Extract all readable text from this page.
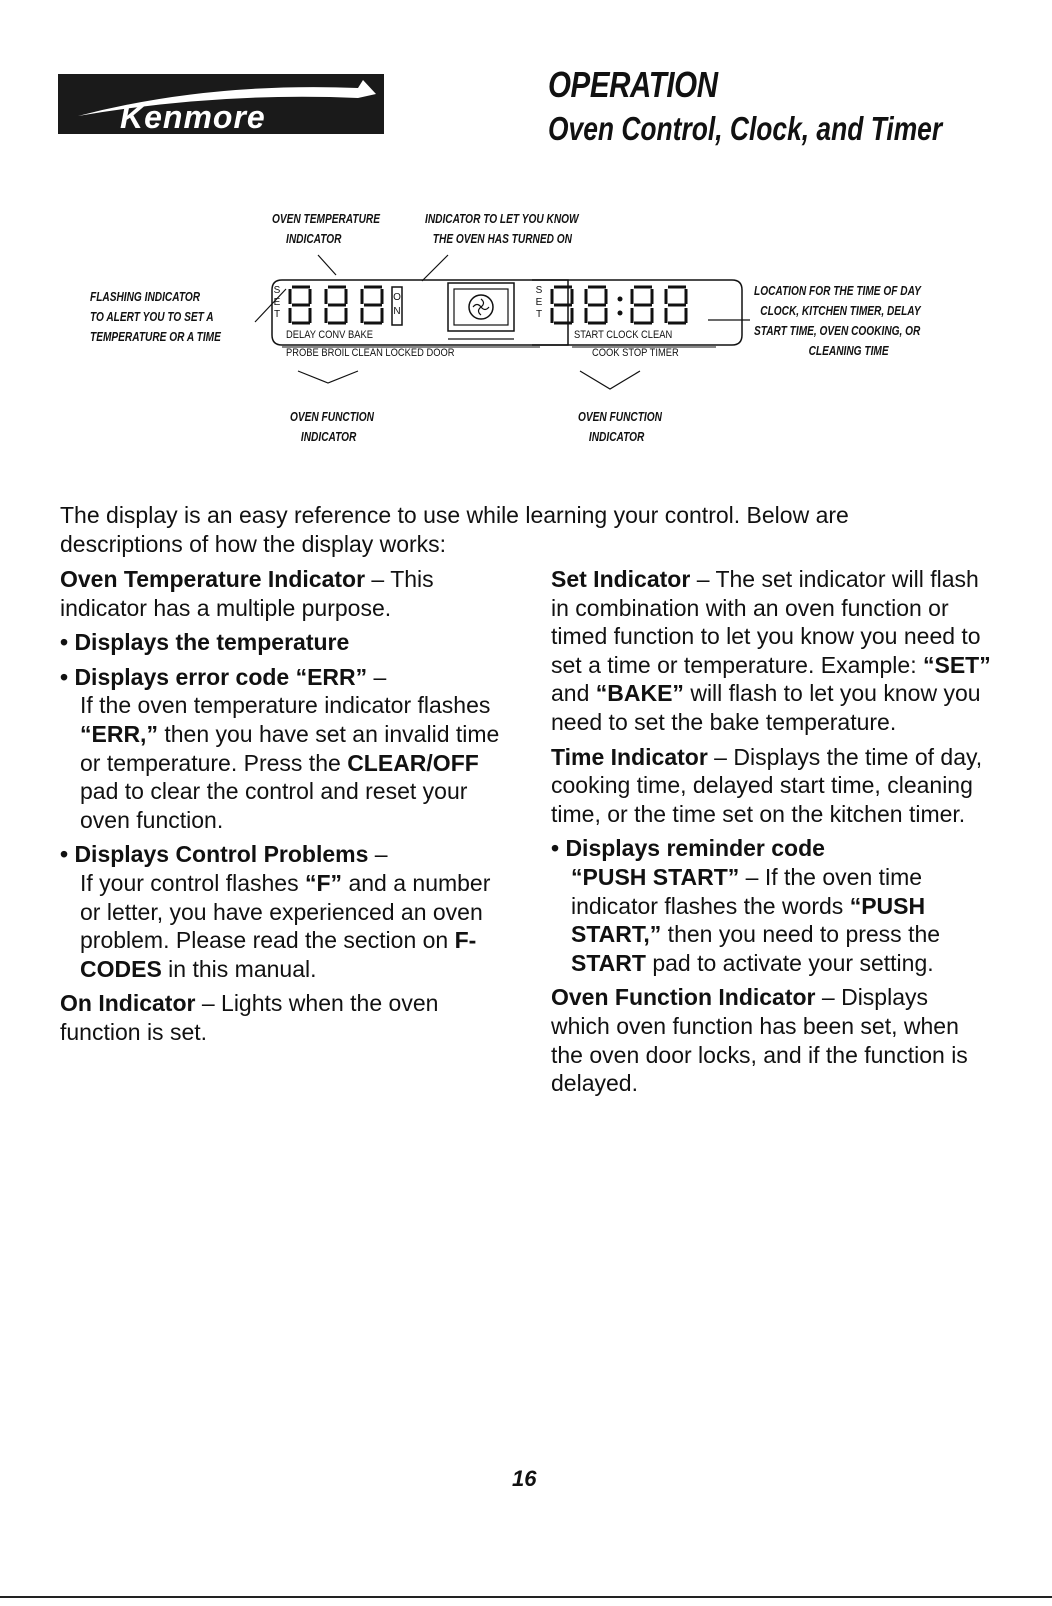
Kenmore
OPERATION
Oven Control, Clock, and Timer
S
E
T
O
N
S
E
T
DELAY CONV BAKE
PROBE BROIL CLEAN LOCKED DOOR
START CLOCK CLEAN
COOK STOP TIMER
OVEN TEMPERATURE
INDICATOR
INDICATOR TO LET YOU KNOW
THE OVEN HAS TURNED ON
FLASHING INDICATOR
TO ALERT YOU TO SET A
TEMPERATURE OR A TIME
LOCATION FOR THE TIME OF DAY
CLOCK, KITCHEN TIMER, DELAY
START TIME, OVEN COOKING, OR
CLEANING TIME
OVEN FUNCTION
INDICATOR
OVEN FUNCTION
INDICATOR
The display is an easy reference to use while learning your control. Below are descriptions of how the display works:

Oven Temperature Indicator – This indicator has a multiple purpose.

• Displays the temperature
• Displays error code “ERR” –
If the oven temperature indicator flashes “ERR,” then you have set an invalid time or temperature. Press the CLEAR/OFF pad to clear the control and reset your oven function.
• Displays Control Problems –
If your control flashes “F” and a number or letter, you have experienced an oven problem. Please read the section on F-CODES in this manual.

On Indicator – Lights when the oven function is set.

Set Indicator – The set indicator will flash in combination with an oven function or timed function to let you know you need to set a time or temperature. Example: “SET” and “BAKE” will flash to let you know you need to set the bake temperature.

Time Indicator – Displays the time of day, cooking time, delayed start time, cleaning time, or the time set on the kitchen timer.

• Displays reminder code
“PUSH START” – If the oven time indicator flashes the words “PUSH START,” then you need to press the START pad to activate your setting.

Oven Function Indicator – Displays which oven function has been set, when the oven door locks, and if the function is delayed.

16
